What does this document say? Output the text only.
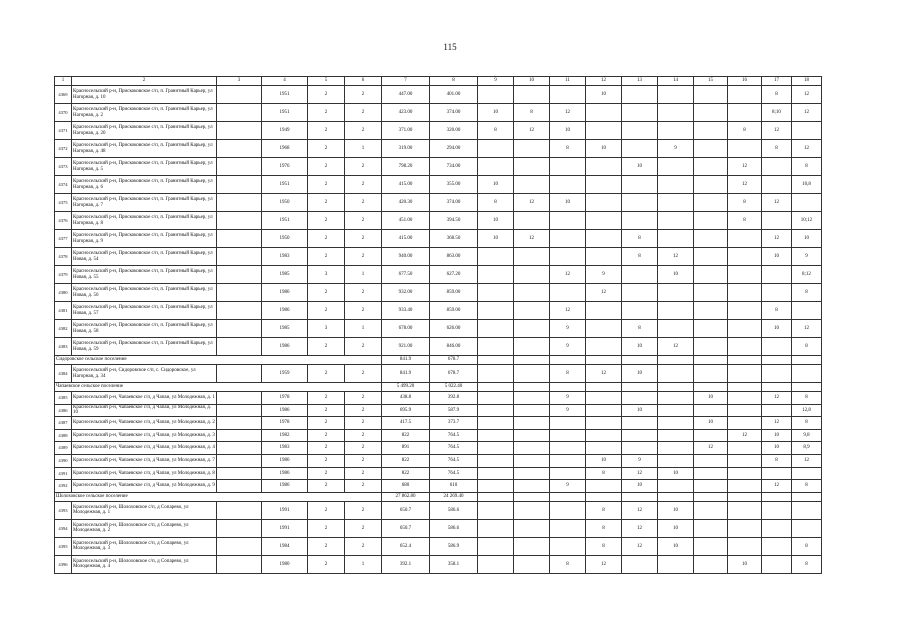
115
1	2	3	4	5	6	7	8	9	10	11	12	13	14	15	16	17	18
4369	Красносельский р-н, Прискоковское с/п, п. Гранитный Карьер, ул Нагорная, д. 10		1951	2	2	447.00	401.00				10					8	12
4370	Красносельский р-н, Прискоковское с/п, п. Гранитный Карьер, ул Нагорная, д. 2		1951	2	2	423.00	374.00	10	8	12						8;10	12
4371	Красносельский р-н, Прискоковское с/п, п. Гранитный Карьер, ул Нагорная, д. 20		1949	2	2	371.00	320.00	8	12	10					8	12	
4372	Красносельский р-н, Прискоковское с/п, п. Гранитный Карьер, ул Нагорная, д. 48		1968	2	1	319.00	294.00			8	10		9			8	12
4373	Красносельский р-н, Прискоковское с/п, п. Гранитный Карьер, ул Нагорная, д. 5		1976	2	2	798.20	734.00					10			12		8
4374	Красносельский р-н, Прискоковское с/п, п. Гранитный Карьер, ул Нагорная, д. 6		1951	2	2	415.00	355.00	10							12		10,8
4375	Красносельский р-н, Прискоковское с/п, п. Гранитный Карьер, ул Нагорная, д. 7		1950	2	2	420.30	374.00	8	12	10					8	12	
4376	Красносельский р-н, Прискоковское с/п, п. Гранитный Карьер, ул Нагорная, д. 8		1951	2	2	451.00	394.50	10							8		10;12
4377	Красносельский р-н, Прискоковское с/п, п. Гранитный Карьер, ул Нагорная, д. 9		1950	2	2	415.00	368.50	10	12			8				12	10
4378	Красносельский р-н, Прискоковское с/п, п. Гранитный Карьер, ул Новая, д. 54		1983	2	2	940.00	863.00					8	12			10	9
4379	Красносельский р-н, Прискоковское с/п, п. Гранитный Карьер, ул Новая, д. 55		1985	3	1	677.50	627.20			12	9		10				8;12
4380	Красносельский р-н, Прискоковское с/п, п. Гранитный Карьер, ул Новая, д. 56		1986	2	2	932.00	859.00				12						8
4381	Красносельский р-н, Прискоковское с/п, п. Гранитный Карьер, ул Новая, д. 57		1986	2	2	933.40	859.00			12						8	
4382	Красносельский р-н, Прискоковское с/п, п. Гранитный Карьер, ул Новая, д. 58		1985	3	1	678.00	626.00			9		8				10	12
4383	Красносельский р-н, Прискоковское с/п, п. Гранитный Карьер, ул Новая, д. 59		1986	2	2	921.00	846.00			9		10	12				8
Сидоровское сельское поселение						841.9	678.7										
4384	Красносельский р-н, Сидоровское с/п, с. Сидоровское, ул Нагорная, д. 34		1959	2	2	841.9	678.7			8	12	10					
Чапаевское сельское поселение						5 499.20	5 022.40										
4385	Красносельский р-н, Чапаевское с/п, д Чапаи, ул Молодежная, д. 1		1978	2	2	438.8	392.8			9				10		12	8
4386	Красносельский р-н, Чапаевское с/п, д Чапаи, ул Молодежная, д. 10		1986	2	2	695.9	587.9			9		10					12,8
4387	Красносельский р-н, Чапаевское с/п, д Чапаи, ул Молодежная, д. 2		1978	2	2	417.5	373.7							10		12	8
4388	Красносельский р-н, Чапаевское с/п, д Чапаи, ул Молодежная, д. 3		1982	2	2	822	764.5								12	10	9,8
4389	Красносельский р-н, Чапаевское с/п, д Чапаи, ул Молодежная, д. 4		1983	2	2	891	764.5							12		10	8,9
4390	Красносельский р-н, Чапаевское с/п, д Чапаи, ул Молодежная, д. 7		1986	2	2	822	764.5				10	9				8	12
4391	Красносельский р-н, Чапаевское с/п, д Чапаи, ул Молодежная, д. 8		1986	2	2	822	764.5				8	12	10				
4392	Красносельский р-н, Чапаевское с/п, д Чапаи, ул Молодежная, д. 9		1986	2	2	680	610			9		10				12	8
Шолоховское сельское поселение						27 862.80	24 269.40										
4393	Красносельский р-н, Шолоховское с/п, д Сопарево, ул Молодежная, д. 1		1991	2	2	650.7	586.6				8	12	10				
4394	Красносельский р-н, Шолоховское с/п, д Сопарево, ул Молодежная, д. 2		1991	2	2	650.7	586.6				8	12	10				
4395	Красносельский р-н, Шолоховское с/п, д Сопарево, ул Молодежная, д. 3		1984	2	2	652.4	586.9				8	12	10				8
4396	Красносельский р-н, Шолоховское с/п, д Сопарево, ул Молодежная, д. 4		1980	2	1	392.1	358.1			8	12				10		8
